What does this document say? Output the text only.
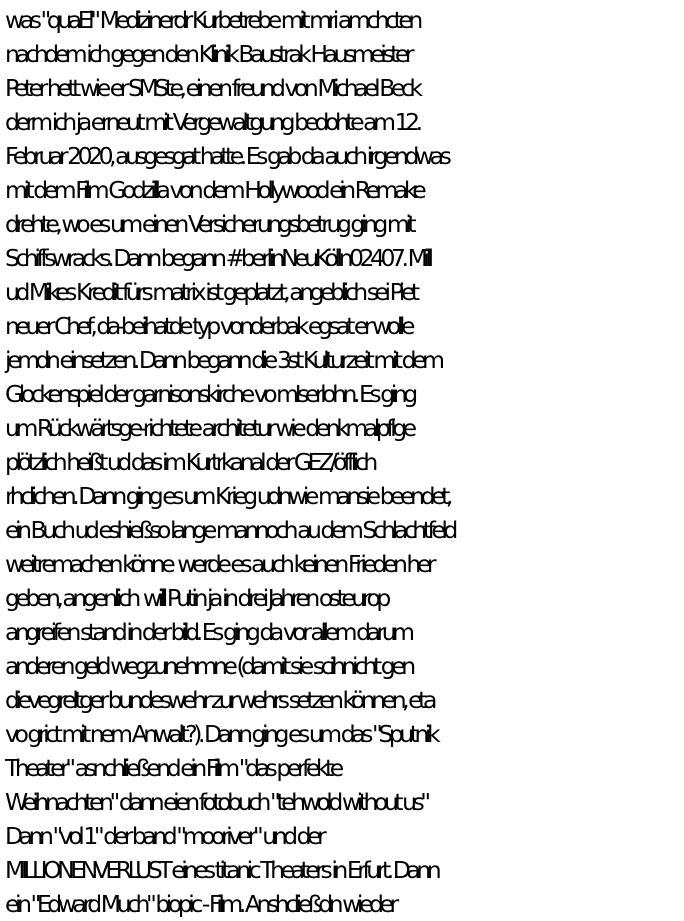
was "quaEl" Medizinerdr Kurbetrebe mit mri amchcten
nachdem ich gegen den Klinik Baustrak Hausmeister
Peter hett wie er SMSte, einen freund von Michael Beck
derm ich ja erneut mit Vergewaltgung bedohte am 12.
Februar 2020, ausgesgat hatte. Es gab da auch irgendwas
mit dem Film Godzilla von dem Hollywood ein Remake
drehte, wo es um einen Versicherungsbetrug ging mit
Schiffswracks. Dann begann #berlinNeuKölln02407. Mill
ud Mikes Kredit fürs matrix ist geplatzt, angeblich sei Piet
neuer Chef, da-beihatde typ vonderbak egsat er wolle
jemdn einsetzen. Dann begann die 3st Kulturzeit mit dem
Glockenspiel der garnisonskirche vo mIserlohn. Es ging
um Rückwärtsge-richtete architetur wie denkmalpflge
plötzlich heißt ud das im Kurtrkanal der GEZ/öfflich
rhclichen. Dann ging es um Krieg udnwie mansie beendet,
ein Buch ud eshießso lange mannoch au dem Schlachtfeld
weitremachen könne  werde es auch keinen Frieden her
geben, angenlich  will Putin ja in drei Jahren osteurop
angreifen stand in der bild. Es ging da vor allem darum
anderen geld wegzunehmne (damit sie scihnicht gen
dievegreltger bundeswehr zur wehrs setzen können, eta
vo grict mit nem Anwalt?). Dann ging es um das "Sputnik
Theater" asnchließend ein Film "das perfekte
Weihnachten" dann eien fotobuch "tehwold without us"
Dann "vol 1" der band "mooriver" und der
MILLIONENVERLUST eines titanic Theaters in Erfurt. Dann
ein "Edward Much" biopic - Film. Anshcließdn wieder
